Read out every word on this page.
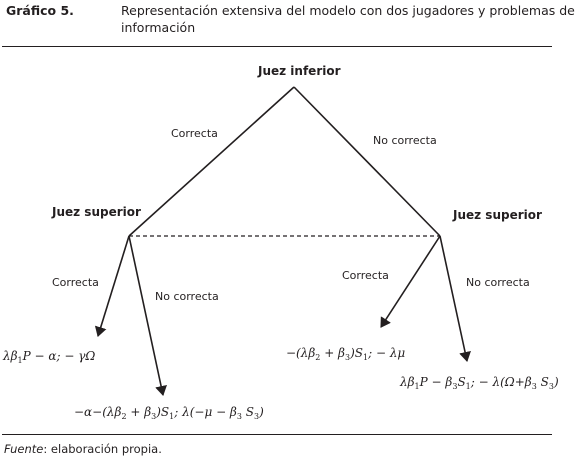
Gráfico 5.	Representación extensiva del modelo con dos jugadores y problemas de
información
Juez inferior
Juez superior	Juez superior
Correcta
No correcta
Correcta
No correcta
Correcta
No correcta
$\lambda\beta_1P - \alpha$; − γΩ
$-\alpha-(\lambda\beta_2 + \beta_3)S_1$; $\lambda(-\mu - \beta_3$ $S_3$)
$-(\lambda\beta_2 + \beta_3)S_1$; − λμ
$\lambda\beta_1P - \beta_3S_1$; − $\lambda(\Omega+\beta_3$ $S_3$)
Fuente: elaboración propia.
